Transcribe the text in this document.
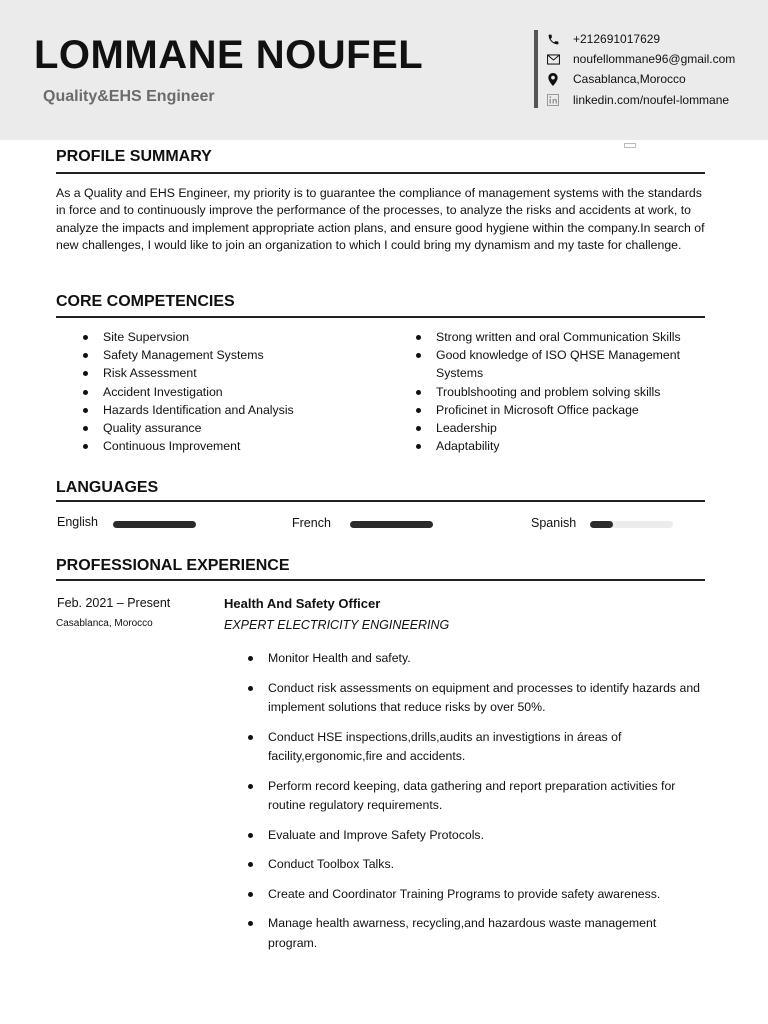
LOMMANE NOUFEL
Quality&EHS Engineer
+212691017629
noufellommane96@gmail.com
Casablanca,Morocco
linkedin.com/noufel-lommane
PROFILE SUMMARY
As a Quality and EHS Engineer, my priority is to guarantee the compliance of management systems with the standards in force and to continuously improve the performance of the processes, to analyze the risks and accidents at work, to analyze the impacts and implement appropriate action plans, and ensure good hygiene within the company.In search of new challenges, I would like to join an organization to which I could bring my dynamism and my taste for challenge.
CORE COMPETENCIES
Site Supervsion
Safety Management Systems
Risk Assessment
Accident Investigation
Hazards Identification and Analysis
Quality assurance
Continuous Improvement
Strong written and oral Communication Skills
Good knowledge of ISO QHSE Management Systems
Troublshooting and problem solving skills
Proficinet in Microsoft Office package
Leadership
Adaptability
LANGUAGES
English	French	Spanish
PROFESSIONAL EXPERIENCE
Feb. 2021 – Present
Casablanca, Morocco
Health And Safety Officer
EXPERT ELECTRICITY ENGINEERING
Monitor Health and safety.
Conduct risk assessments on equipment and processes to identify hazards and implement solutions that reduce risks by over 50%.
Conduct HSE inspections,drills,audits an investigtions in áreas of facility,ergonomic,fire and accidents.
Perform record keeping, data gathering and report preparation activities for routine regulatory requirements.
Evaluate and Improve Safety Protocols.
Conduct Toolbox Talks.
Create and Coordinator Training Programs to provide safety awareness.
Manage health awarness, recycling,and hazardous waste management program.
